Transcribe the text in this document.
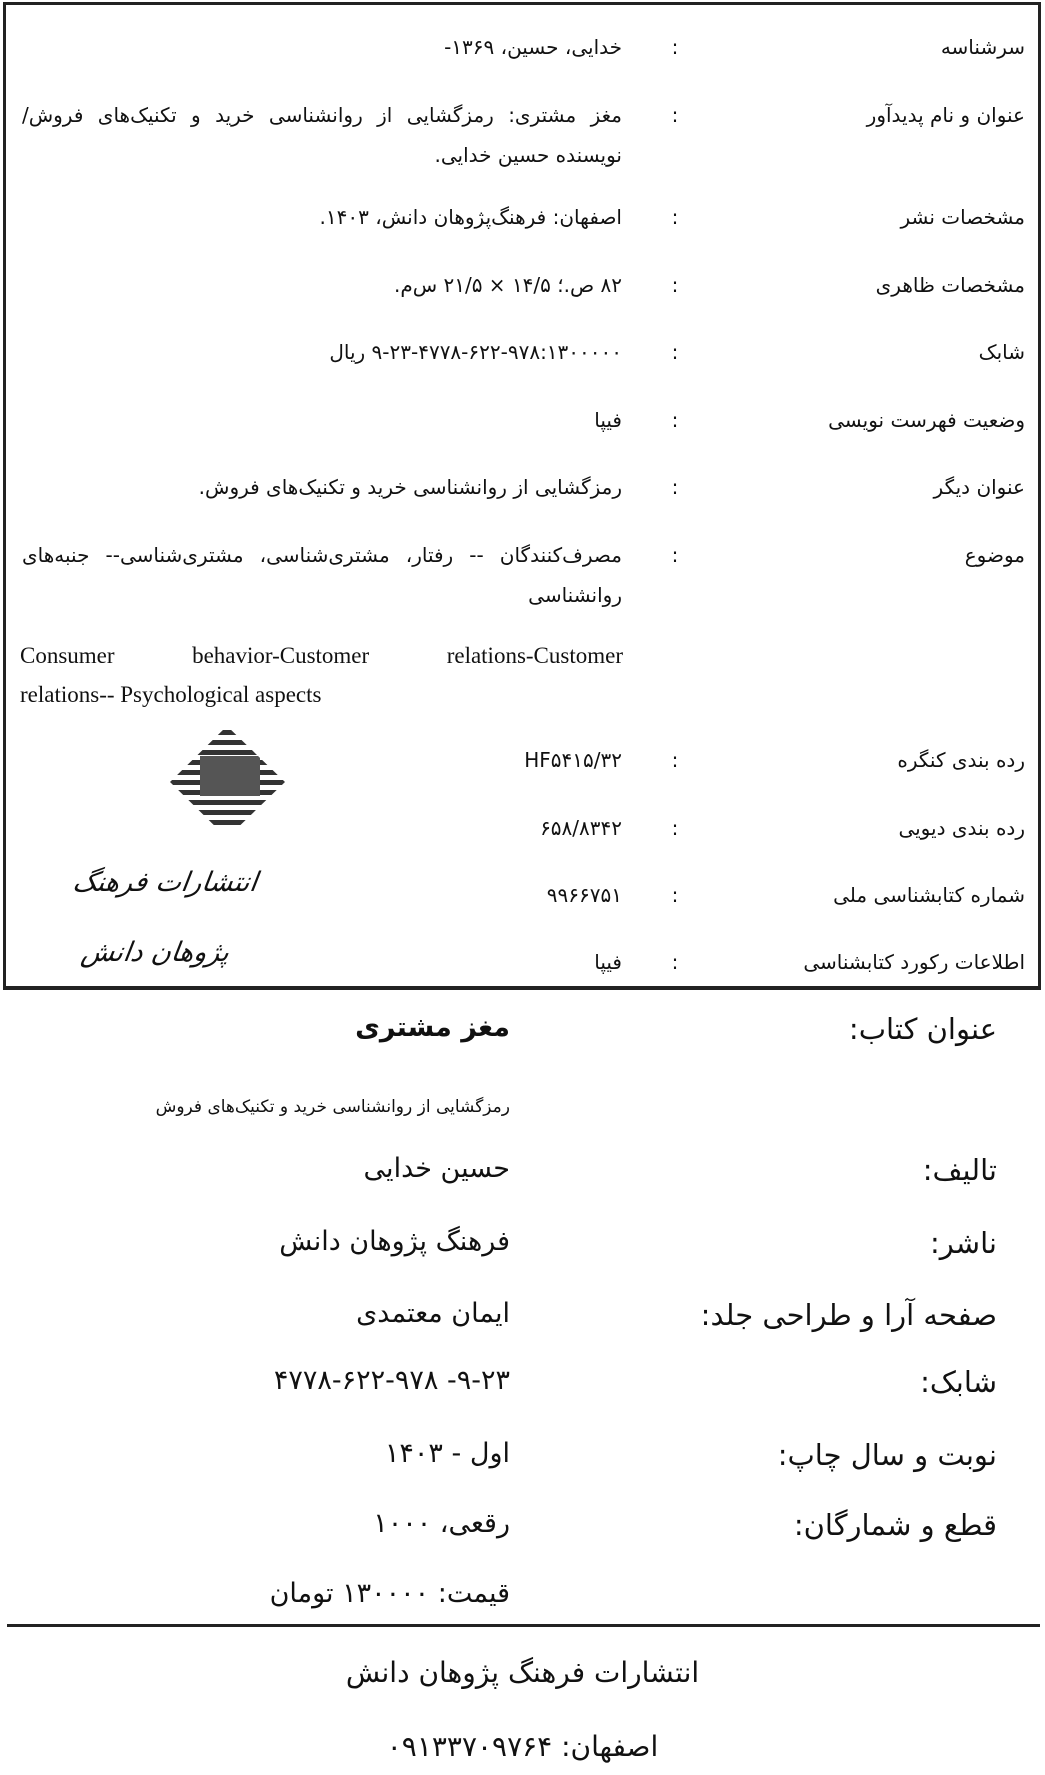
سرشناسه
:
خدایی، حسین، ۱۳۶۹-
عنوان و نام پدیدآور
:
مغز مشتری: رمزگشایی از روانشناسی خرید و تکنیک‌های فروش/ نویسنده حسین خدایی.
مشخصات نشر
:
اصفهان: فرهنگ‌پژوهان دانش، ۱۴۰۳.
مشخصات ظاهری
:
۸۲ ص.؛ ۱۴/۵ × ۲۱/۵ س‌م.
شابک
:
۹-۲۳-۴۷۷۸-۶۲۲-۹۷۸:۱۳۰۰۰۰۰ ریال
وضعیت فهرست نویسی
:
فیپا
عنوان دیگر
:
رمزگشایی از روانشناسی خرید و تکنیک‌های فروش.
موضوع
:
مصرف‌کنندگان -- رفتار، مشتری‌شناسی، مشتری‌شناسی-- جنبه‌های روانشناسی
Consumer behavior-Customer relations-Customer
relations-- Psychological aspects
رده بندی کنگره
:
HF۵۴۱۵/۳۲
رده بندی دیویی
:
۶۵۸/۸۳۴۲
شماره کتابشناسی ملی
:
۹۹۶۶۷۵۱
اطلاعات رکورد کتابشناسی
:
فیپا
انتشارات فرهنگ پژوهان دانش
عنوان کتاب:
مغز مشتری
رمزگشایی از روانشناسی خرید و تکنیک‌های فروش
تالیف:
حسین خدایی
ناشر:
فرهنگ پژوهان دانش
صفحه آرا و طراحی جلد:
ایمان معتمدی
شابک:
۹-۲۳- ۴۷۷۸-۶۲۲-۹۷۸
نوبت و سال چاپ:
اول - ۱۴۰۳
قطع و شمارگان:
رقعی، ۱۰۰۰
قیمت: ۱۳۰۰۰۰ تومان
انتشارات فرهنگ پژوهان دانش
اصفهان: ۰۹۱۳۳۷۰۹۷۶۴
